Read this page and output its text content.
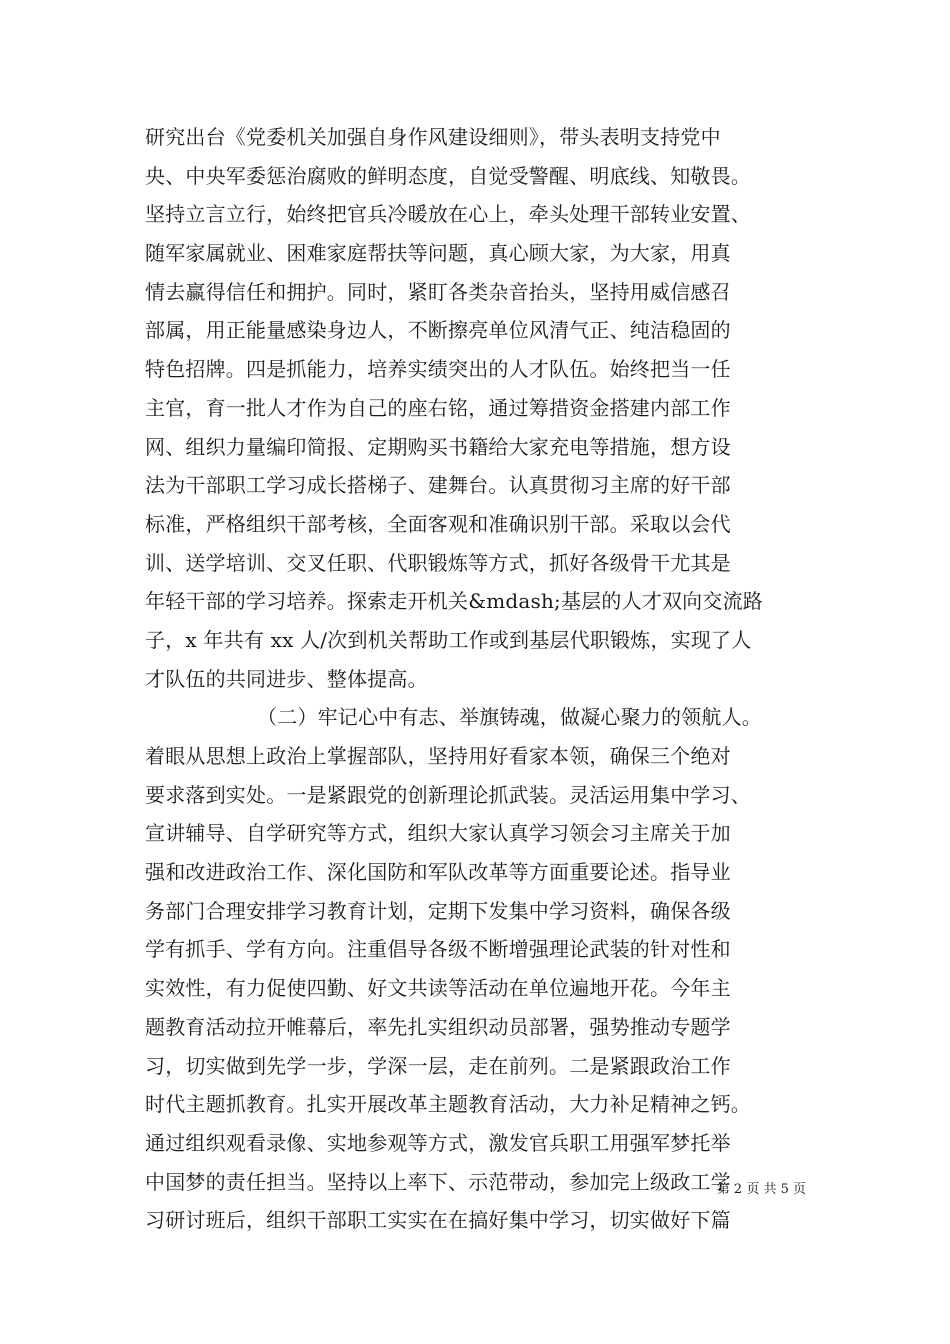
研究出台《党委机关加强自身作风建设细则》，带头表明支持党中
央、中央军委惩治腐败的鲜明态度，自觉受警醒、明底线、知敬畏。
坚持立言立行，始终把官兵冷暖放在心上，牵头处理干部转业安置、
随军家属就业、困难家庭帮扶等问题，真心顾大家，为大家，用真
情去赢得信任和拥护。同时，紧盯各类杂音抬头，坚持用威信感召
部属，用正能量感染身边人，不断擦亮单位风清气正、纯洁稳固的
特色招牌。四是抓能力，培养实绩突出的人才队伍。始终把当一任
主官，育一批人才作为自己的座右铭，通过筹措资金搭建内部工作
网、组织力量编印简报、定期购买书籍给大家充电等措施，想方设
法为干部职工学习成长搭梯子、建舞台。认真贯彻习主席的好干部
标准，严格组织干部考核，全面客观和准确识别干部。采取以会代
训、送学培训、交叉任职、代职锻炼等方式，抓好各级骨干尤其是
年轻干部的学习培养。探索走开机关&mdash;基层的人才双向交流路
子，x 年共有 xx 人/次到机关帮助工作或到基层代职锻炼，实现了人
才队伍的共同进步、整体提高。
（二）牢记心中有志、举旗铸魂，做凝心聚力的领航人。
着眼从思想上政治上掌握部队，坚持用好看家本领，确保三个绝对
要求落到实处。一是紧跟党的创新理论抓武装。灵活运用集中学习、
宣讲辅导、自学研究等方式，组织大家认真学习领会习主席关于加
强和改进政治工作、深化国防和军队改革等方面重要论述。指导业
务部门合理安排学习教育计划，定期下发集中学习资料，确保各级
学有抓手、学有方向。注重倡导各级不断增强理论武装的针对性和
实效性，有力促使四勤、好文共读等活动在单位遍地开花。今年主
题教育活动拉开帷幕后，率先扎实组织动员部署，强势推动专题学
习，切实做到先学一步，学深一层，走在前列。二是紧跟政治工作
时代主题抓教育。扎实开展改革主题教育活动，大力补足精神之钙。
通过组织观看录像、实地参观等方式，激发官兵职工用强军梦托举
中国梦的责任担当。坚持以上率下、示范带动，参加完上级政工学
习研讨班后，组织干部职工实实在在搞好集中学习，切实做好下篇
第 2 页 共 5 页
